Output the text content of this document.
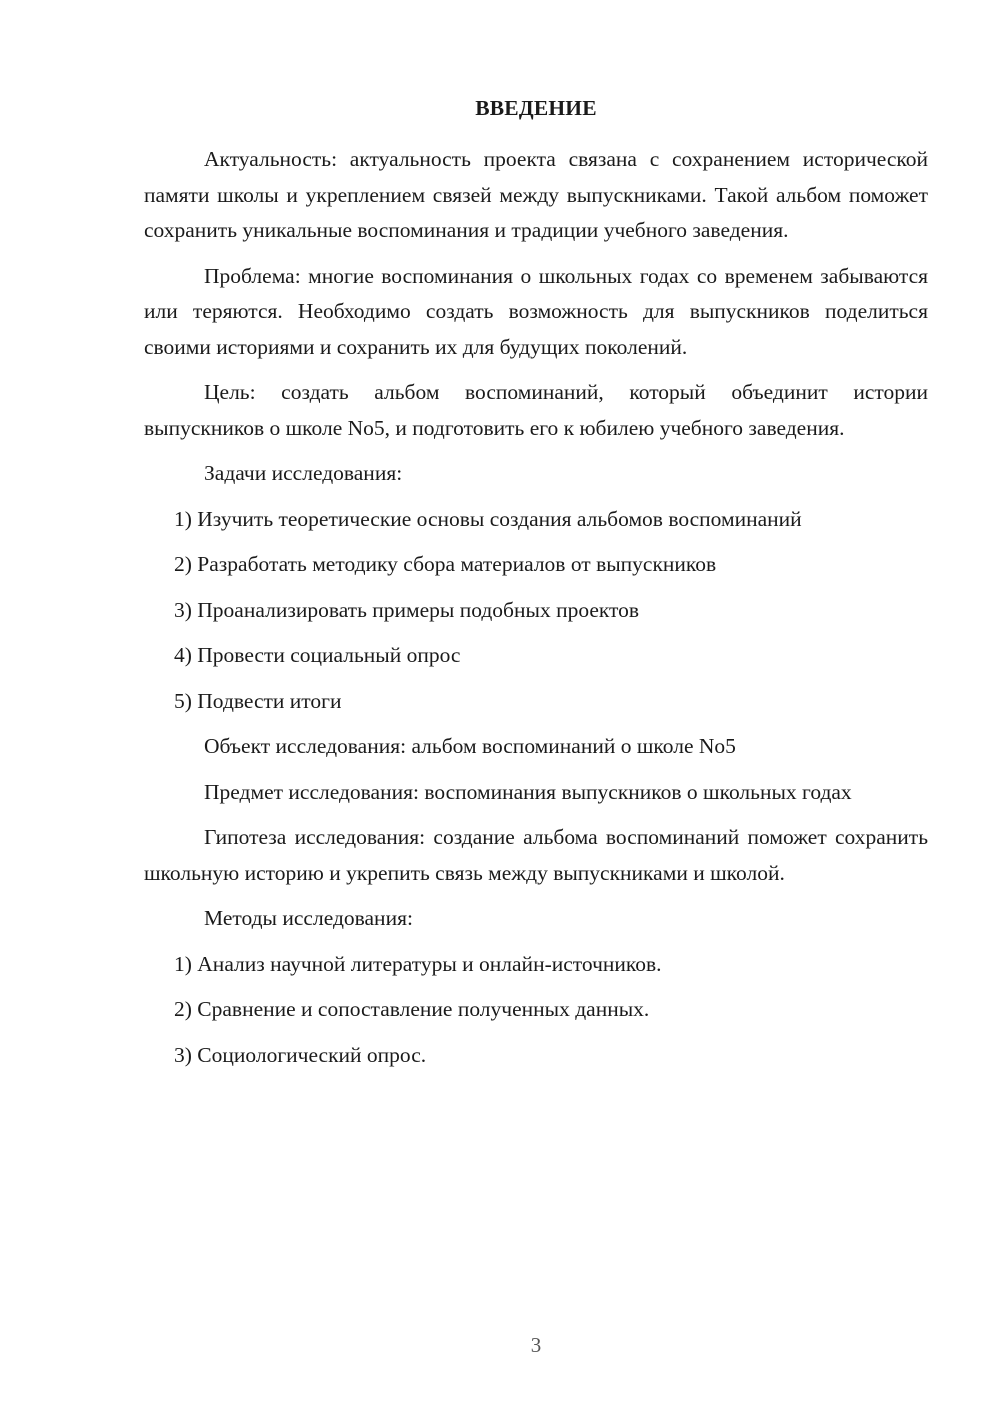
ВВЕДЕНИЕ

Актуальность: актуальность проекта связана с сохранением исторической памяти школы и укреплением связей между выпускниками. Такой альбом поможет сохранить уникальные воспоминания и традиции учебного заведения.

Проблема: многие воспоминания о школьных годах со временем забываются или теряются. Необходимо создать возможность для выпускников поделиться своими историями и сохранить их для будущих поколений.

Цель: создать альбом воспоминаний, который объединит истории выпускников о школе No5, и подготовить его к юбилею учебного заведения.

Задачи исследования:

1) Изучить теоретические основы создания альбомов воспоминаний

2) Разработать методику сбора материалов от выпускников

3) Проанализировать примеры подобных проектов

4) Провести социальный опрос

5) Подвести итоги

Объект исследования: альбом воспоминаний о школе No5

Предмет исследования: воспоминания выпускников о школьных годах

Гипотеза исследования: создание альбома воспоминаний поможет сохранить школьную историю и укрепить связь между выпускниками и школой.

Методы исследования:

1) Анализ научной литературы и онлайн-источников.

2) Сравнение и сопоставление полученных данных.

3) Социологический опрос.

3
